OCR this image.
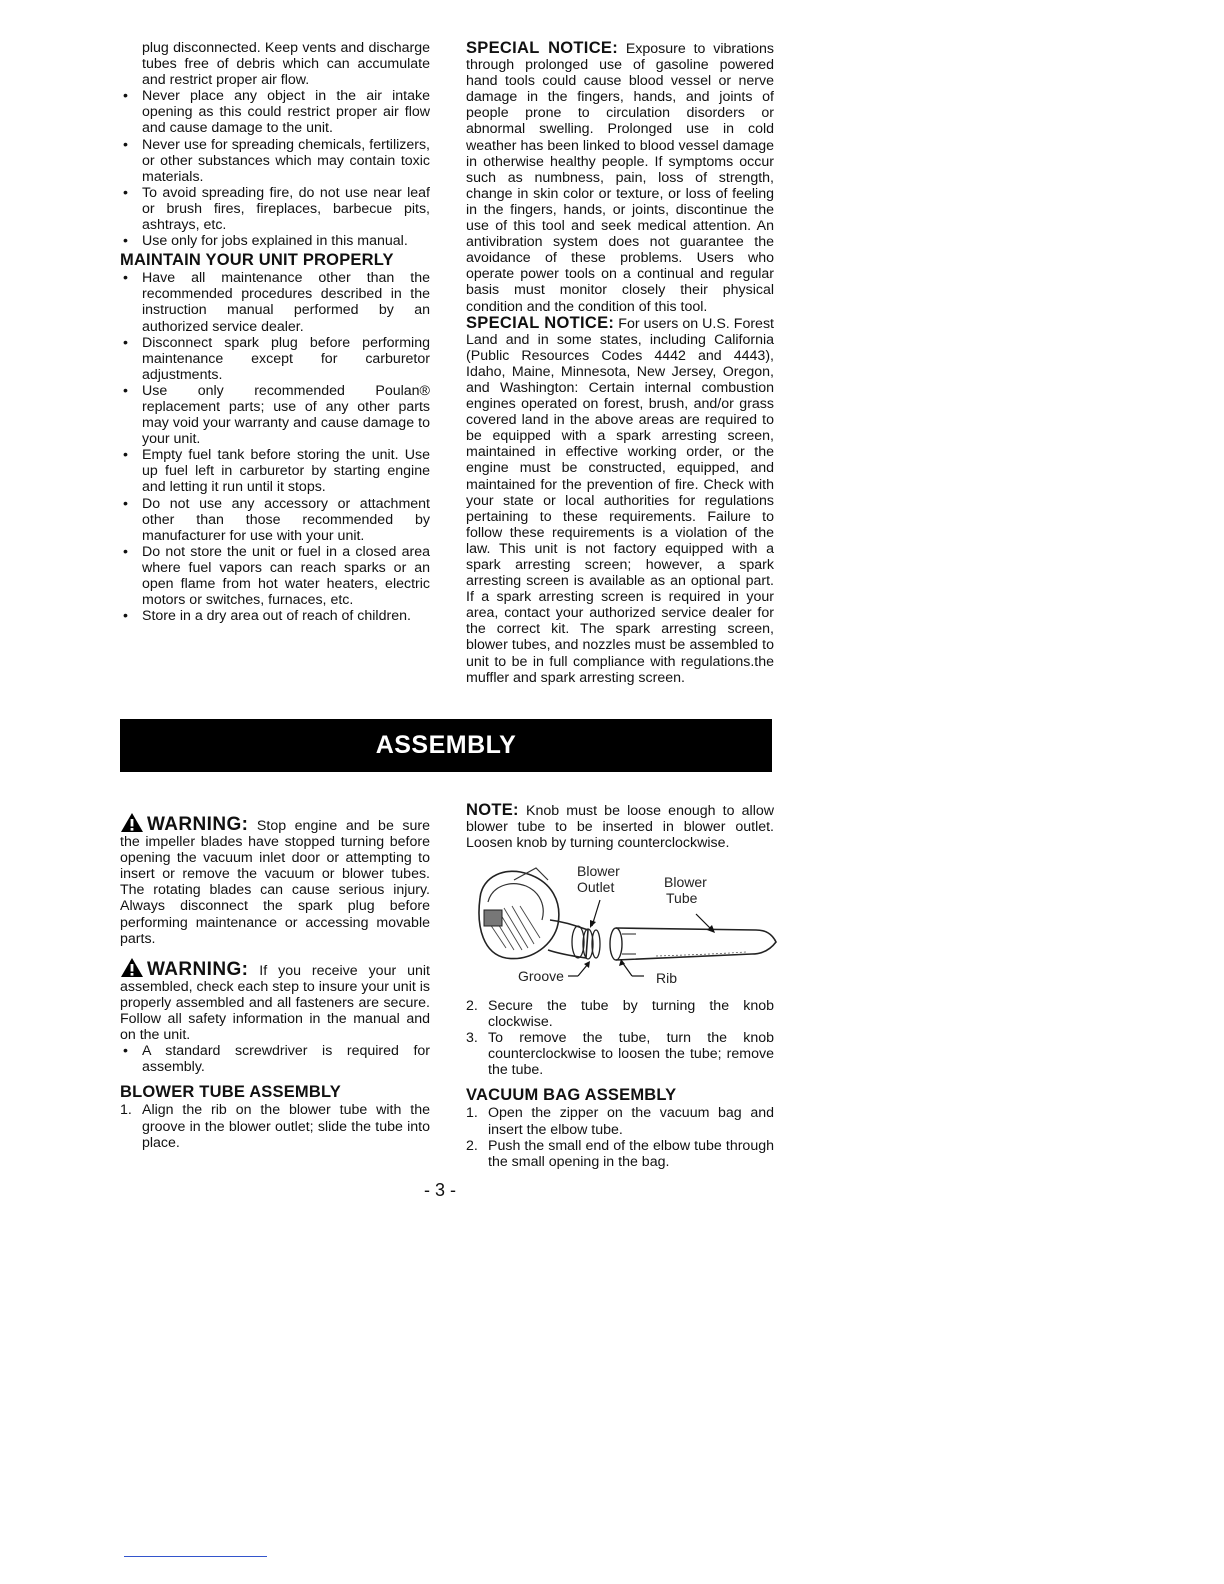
plug disconnected. Keep vents and discharge tubes free of debris which can accumulate and restrict proper air flow.

• Never place any object in the air intake opening as this could restrict proper air flow and cause damage to the unit.
• Never use for spreading chemicals, fertilizers, or other substances which may contain toxic materials.
• To avoid spreading fire, do not use near leaf or brush fires, fireplaces, barbecue pits, ashtrays, etc.
• Use only for jobs explained in this manual.
MAINTAIN YOUR UNIT PROPERLY
• Have all maintenance other than the recommended procedures described in the instruction manual performed by an authorized service dealer.
• Disconnect spark plug before performing maintenance except for carburetor adjustments.
• Use only recommended Poulan® replacement parts; use of any other parts may void your warranty and cause damage to your unit.
• Empty fuel tank before storing the unit. Use up fuel left in carburetor by starting engine and letting it run until it stops.
• Do not use any accessory or attachment other than those recommended by manufacturer for use with your unit.
• Do not store the unit or fuel in a closed area where fuel vapors can reach sparks or an open flame from hot water heaters, electric motors or switches, furnaces, etc.
• Store in a dry area out of reach of children.

SPECIAL NOTICE: Exposure to vibrations through prolonged use of gasoline powered hand tools could cause blood vessel or nerve damage in the fingers, hands, and joints of people prone to circulation disorders or abnormal swelling. Prolonged use in cold weather has been linked to blood vessel damage in otherwise healthy people. If symptoms occur such as numbness, pain, loss of strength, change in skin color or texture, or loss of feeling in the fingers, hands, or joints, discontinue the use of this tool and seek medical attention. An antivibration system does not guarantee the avoidance of these problems. Users who operate power tools on a continual and regular basis must monitor closely their physical condition and the condition of this tool.

SPECIAL NOTICE: For users on U.S. Forest Land and in some states, including California (Public Resources Codes 4442 and 4443), Idaho, Maine, Minnesota, New Jersey, Oregon, and Washington: Certain internal combustion engines operated on forest, brush, and/or grass covered land in the above areas are required to be equipped with a spark arresting screen, maintained in effective working order, or the engine must be constructed, equipped, and maintained for the prevention of fire. Check with your state or local authorities for regulations pertaining to these requirements. Failure to follow these requirements is a violation of the law. This unit is not factory equipped with a spark arresting screen; however, a spark arresting screen is available as an optional part. If a spark arresting screen is required in your area, contact your authorized service dealer for the correct kit. The spark arresting screen, blower tubes, and nozzles must be assembled to unit to be in full compliance with regulations.the muffler and spark arresting screen.

ASSEMBLY

WARNING: Stop engine and be sure the impeller blades have stopped turning before opening the vacuum inlet door or attempting to insert or remove the vacuum or blower tubes. The rotating blades can cause serious injury. Always disconnect the spark plug before performing maintenance or accessing movable parts.

WARNING: If you receive your unit assembled, check each step to insure your unit is properly assembled and all fasteners are secure. Follow all safety information in the manual and on the unit.

• A standard screwdriver is required for assembly.
BLOWER TUBE ASSEMBLY
1. Align the rib on the blower tube with the groove in the blower outlet; slide the tube into place.

NOTE: Knob must be loose enough to allow blower tube to be inserted in blower outlet. Loosen knob by turning counterclockwise.

Blower
Outlet	Blower
Tube
Groove	Rib
2. Secure the tube by turning the knob clockwise.
3. To remove the tube, turn the knob counterclockwise to loosen the tube; remove the tube.
VACUUM BAG ASSEMBLY
1. Open the zipper on the vacuum bag and insert the elbow tube.
2. Push the small end of the elbow tube through the small opening in the bag.
- 3 -
